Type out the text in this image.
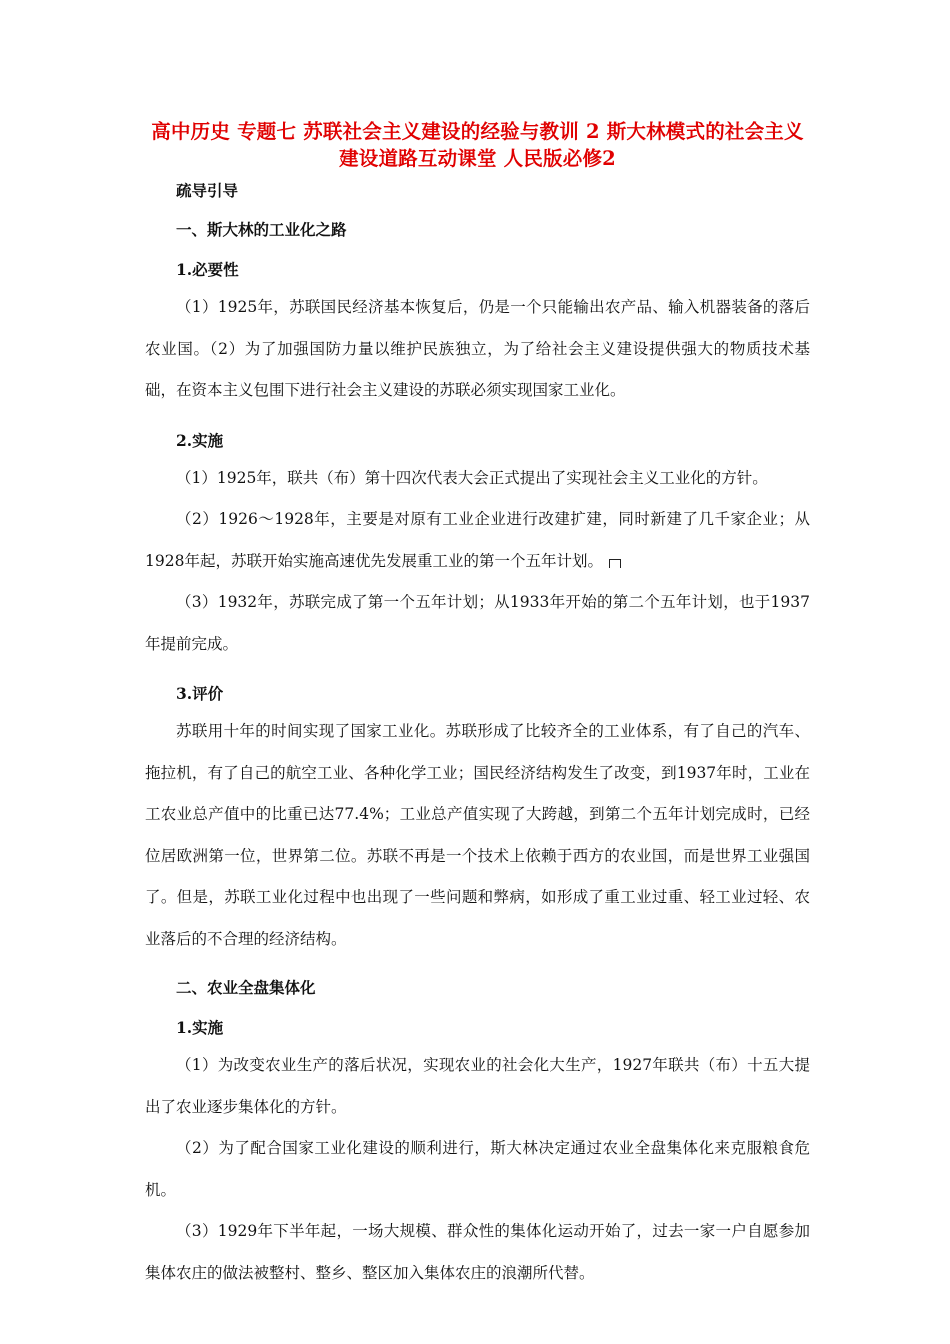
高中历史 专题七 苏联社会主义建设的经验与教训 2 斯大林模式的社会主义建设道路互动课堂 人民版必修2
疏导引导
一、斯大林的工业化之路
1.必要性

（1）1925年，苏联国民经济基本恢复后，仍是一个只能输出农产品、输入机器装备的落后农业国。（2）为了加强国防力量以维护民族独立，为了给社会主义建设提供强大的物质技术基础，在资本主义包围下进行社会主义建设的苏联必须实现国家工业化。

2.实施

（1）1925年，联共（布）第十四次代表大会正式提出了实现社会主义工业化的方针。

（2）1926～1928年，主要是对原有工业企业进行改建扩建，同时新建了几千家企业；从1928年起，苏联开始实施高速优先发展重工业的第一个五年计划。

（3）1932年，苏联完成了第一个五年计划；从1933年开始的第二个五年计划，也于1937年提前完成。

3.评价

苏联用十年的时间实现了国家工业化。苏联形成了比较齐全的工业体系，有了自己的汽车、拖拉机，有了自己的航空工业、各种化学工业；国民经济结构发生了改变，到1937年时，工业在工农业总产值中的比重已达77.4%；工业总产值实现了大跨越，到第二个五年计划完成时，已经位居欧洲第一位，世界第二位。苏联不再是一个技术上依赖于西方的农业国，而是世界工业强国了。但是，苏联工业化过程中也出现了一些问题和弊病，如形成了重工业过重、轻工业过轻、农业落后的不合理的经济结构。

二、农业全盘集体化
1.实施

（1）为改变农业生产的落后状况，实现农业的社会化大生产，1927年联共（布）十五大提出了农业逐步集体化的方针。

（2）为了配合国家工业化建设的顺利进行，斯大林决定通过农业全盘集体化来克服粮食危机。

（3）1929年下半年起，一场大规模、群众性的集体化运动开始了，过去一家一户自愿参加集体农庄的做法被整村、整乡、整区加入集体农庄的浪潮所代替。
